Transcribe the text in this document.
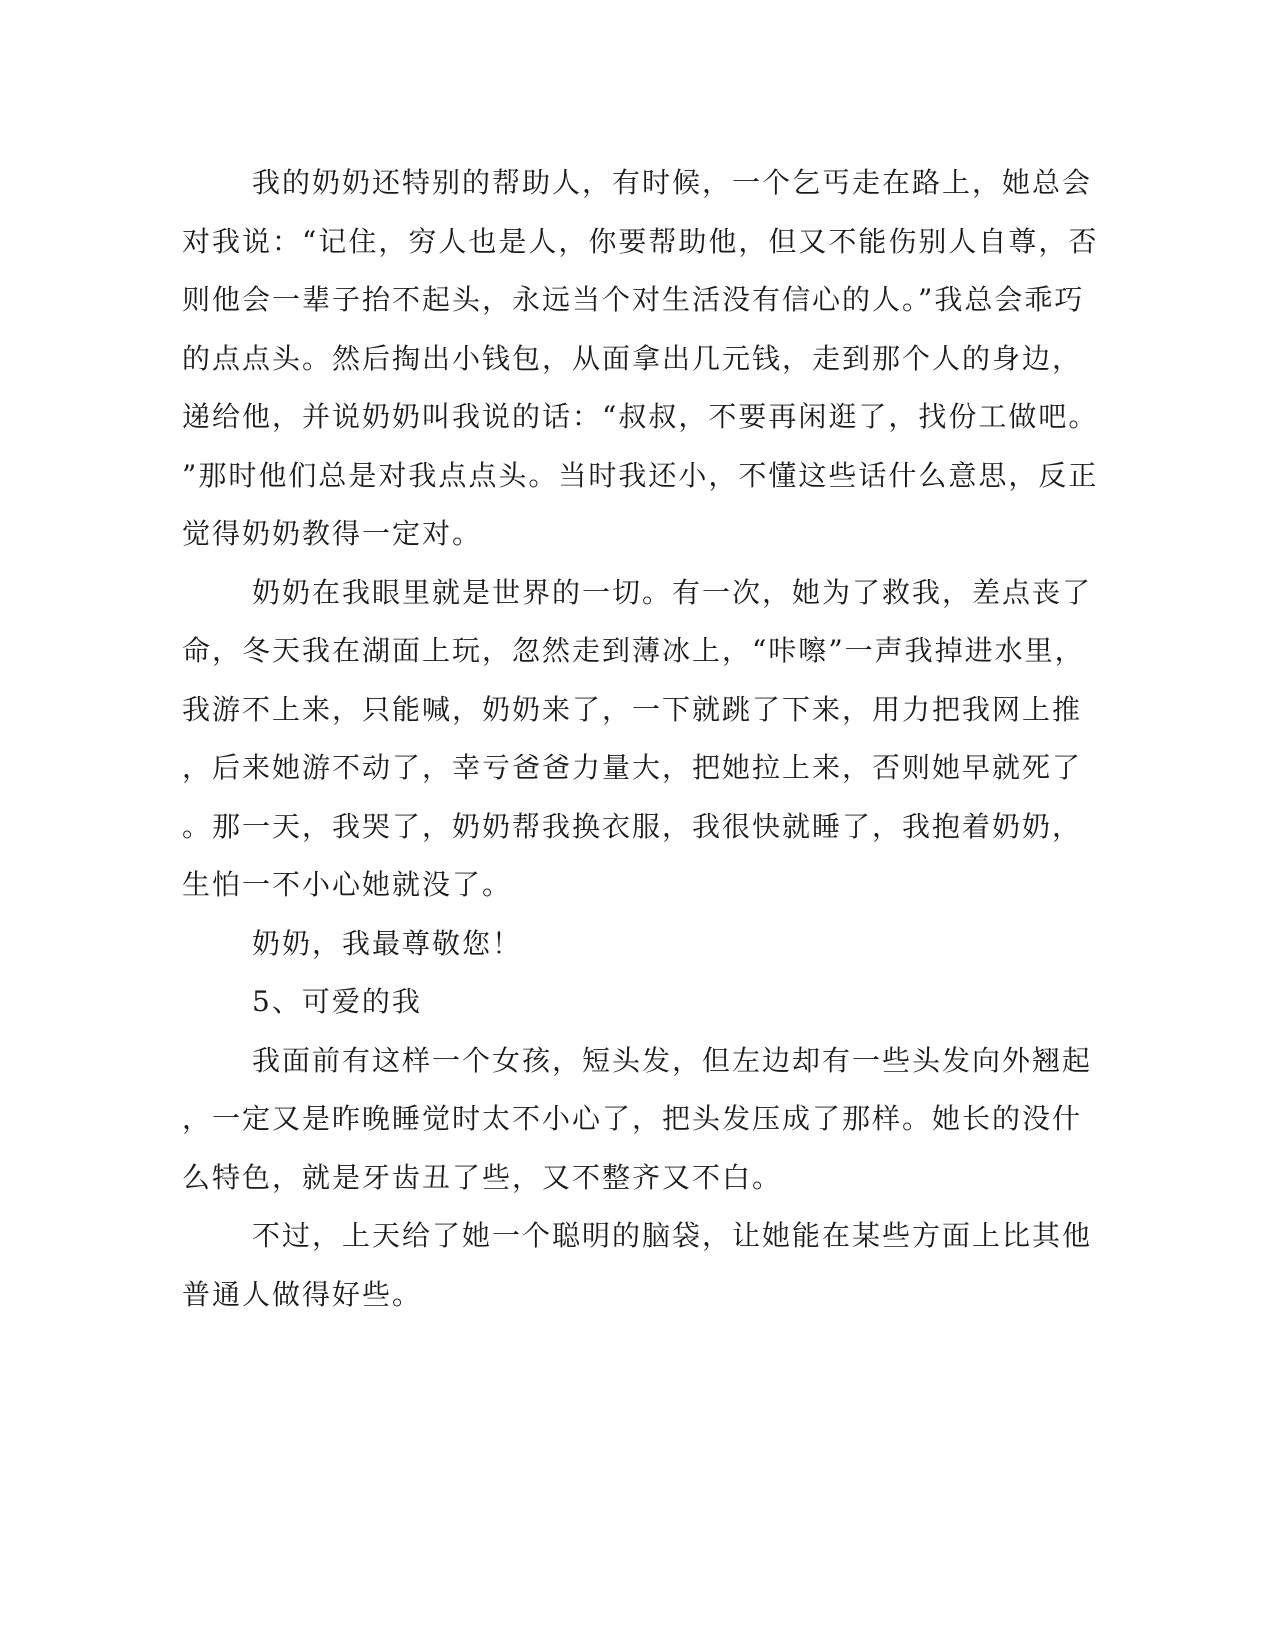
我的奶奶还特别的帮助人，有时候，一个乞丐走在路上，她总会
对我说：“记住，穷人也是人，你要帮助他，但又不能伤别人自尊，否
则他会一辈子抬不起头，永远当个对生活没有信心的人。”我总会乖巧
的点点头。然后掏出小钱包，从面拿出几元钱，走到那个人的身边，
递给他，并说奶奶叫我说的话：“叔叔，不要再闲逛了，找份工做吧。
”那时他们总是对我点点头。当时我还小，不懂这些话什么意思，反正
觉得奶奶教得一定对。
奶奶在我眼里就是世界的一切。有一次，她为了救我，差点丧了
命，冬天我在湖面上玩，忽然走到薄冰上，“咔嚓”一声我掉进水里，
我游不上来，只能喊，奶奶来了，一下就跳了下来，用力把我网上推
，后来她游不动了，幸亏爸爸力量大，把她拉上来，否则她早就死了
。那一天，我哭了，奶奶帮我换衣服，我很快就睡了，我抱着奶奶，
生怕一不小心她就没了。
奶奶，我最尊敬您！
5、可爱的我
我面前有这样一个女孩，短头发，但左边却有一些头发向外翘起
，一定又是昨晚睡觉时太不小心了，把头发压成了那样。她长的没什
么特色，就是牙齿丑了些，又不整齐又不白。
不过，上天给了她一个聪明的脑袋，让她能在某些方面上比其他
普通人做得好些。
